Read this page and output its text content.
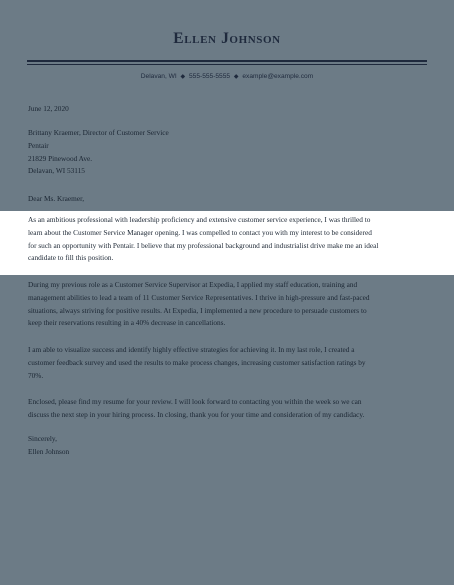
Ellen Johnson
Delavan, WI ◆ 555-555-5555 ◆ example@example.com
June 12, 2020
Brittany Kraemer, Director of Customer Service
Pentair
21829 Pinewood Ave.
Delavan, WI 53115
Dear Ms. Kraemer,
As an ambitious professional with leadership proficiency and extensive customer service experience, I was thrilled to
learn about the Customer Service Manager opening. I was compelled to contact you with my interest to be considered
for such an opportunity with Pentair. I believe that my professional background and industrialist drive make me an ideal
candidate to fill this position.
During my previous role as a Customer Service Supervisor at Expedia, I applied my staff education, training and
management abilities to lead a team of 11 Customer Service Representatives. I thrive in high-pressure and fast-paced
situations, always striving for positive results. At Expedia, I implemented a new procedure to persuade customers to
keep their reservations resulting in a 40% decrease in cancellations.
I am able to visualize success and identify highly effective strategies for achieving it. In my last role, I created a
customer feedback survey and used the results to make process changes, increasing customer satisfaction ratings by
70%.
Enclosed, please find my resume for your review. I will look forward to contacting you within the week so we can
discuss the next step in your hiring process. In closing, thank you for your time and consideration of my candidacy.
Sincerely,
Ellen Johnson
